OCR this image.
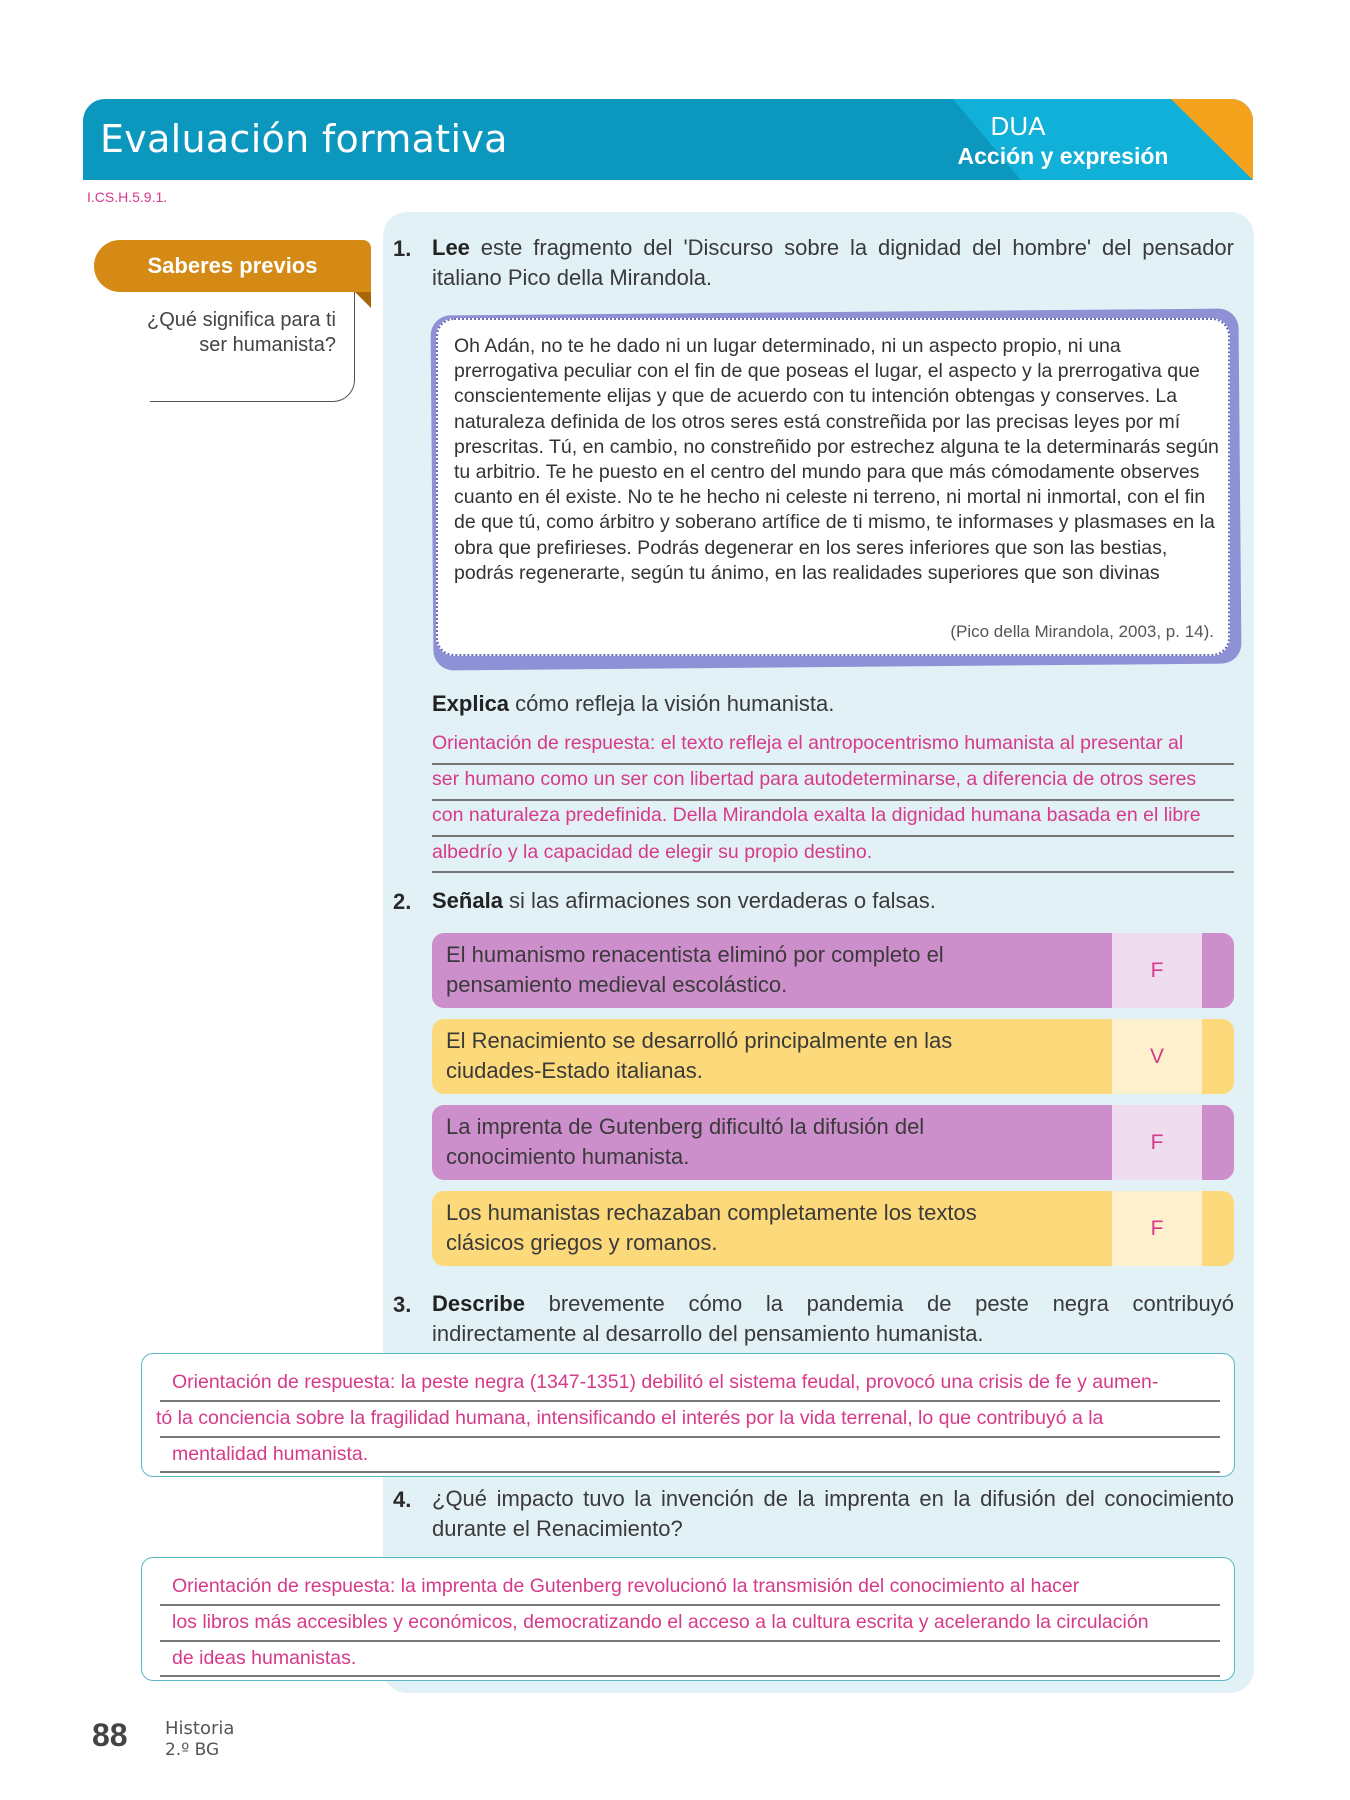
Evaluación formativa	DUA
Acción y expresión
I.CS.H.5.9.1.
Saberes previos
¿Qué significa para ti ser humanista?
1. Lee este fragmento del 'Discurso sobre la dignidad del hombre' del pensador italiano Pico della Mirandola.
Oh Adán, no te he dado ni un lugar determinado, ni un aspecto propio, ni una prerrogativa peculiar con el fin de que poseas el lugar, el aspecto y la prerrogativa que conscientemente elijas y que de acuerdo con tu intención obtengas y conserves. La naturaleza definida de los otros seres está constreñida por las precisas leyes por mí prescritas. Tú, en cambio, no constreñido por estrechez alguna te la determinarás según tu arbitrio. Te he puesto en el centro del mundo para que más cómodamente observes cuanto en él existe. No te he hecho ni celeste ni terreno, ni mortal ni inmortal, con el fin de que tú, como árbitro y soberano artífice de ti mismo, te informases y plasmases en la obra que prefirieses. Podrás degenerar en los seres inferiores que son las bestias, podrás regenerarte, según tu ánimo, en las realidades superiores que son divinas
(Pico della Mirandola, 2003, p. 14).
Explica cómo refleja la visión humanista.
Orientación de respuesta: el texto refleja el antropocentrismo humanista al presentar al
ser humano como un ser con libertad para autodeterminarse, a diferencia de otros seres
con naturaleza predefinida. Della Mirandola exalta la dignidad humana basada en el libre
albedrío y la capacidad de elegir su propio destino.
2. Señala si las afirmaciones son verdaderas o falsas.
El humanismo renacentista eliminó por completo el pensamiento medieval escolástico.
F
El Renacimiento se desarrolló principalmente en las ciudades-Estado italianas.
V
La imprenta de Gutenberg dificultó la difusión del conocimiento humanista.
F
Los humanistas rechazaban completamente los textos clásicos griegos y romanos.
F
3. Describe brevemente cómo la pandemia de peste negra contribuyó indirectamente al desarrollo del pensamiento humanista.
Orientación de respuesta: la peste negra (1347-1351) debilitó el sistema feudal, provocó una crisis de fe y aumen-
tó la conciencia sobre la fragilidad humana, intensificando el interés por la vida terrenal, lo que contribuyó a la
mentalidad humanista.
4. ¿Qué impacto tuvo la invención de la imprenta en la difusión del conocimiento durante el Renacimiento?
Orientación de respuesta: la imprenta de Gutenberg revolucionó la transmisión del conocimiento al hacer
los libros más accesibles y económicos, democratizando el acceso a la cultura escrita y acelerando la circulación
de ideas humanistas.
88 Historia
2.º BG
